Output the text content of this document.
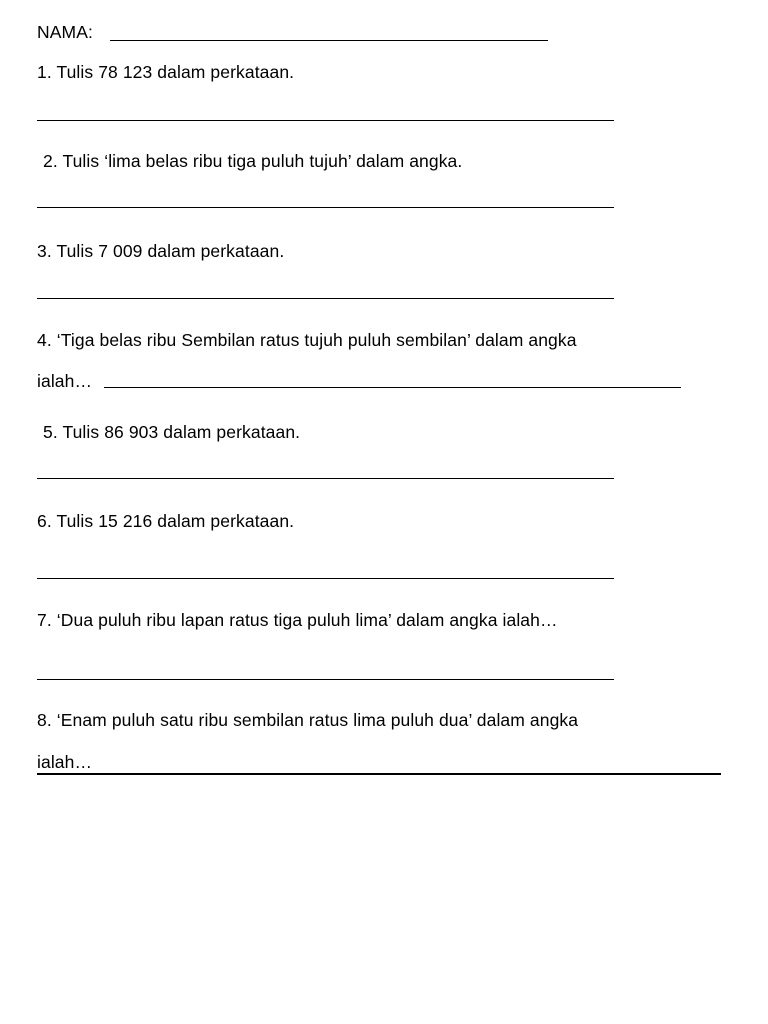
NAMA:
1. Tulis 78 123 dalam perkataan.
2. Tulis ‘lima belas ribu tiga puluh tujuh’ dalam angka.
3. Tulis 7 009 dalam perkataan.
4. ‘Tiga belas ribu Sembilan ratus tujuh puluh sembilan’ dalam angka
ialah…
5. Tulis 86 903 dalam perkataan.
6. Tulis 15 216 dalam perkataan.
7. ‘Dua puluh ribu lapan ratus tiga puluh lima’ dalam angka ialah…
8. ‘Enam puluh satu ribu sembilan ratus lima puluh dua’ dalam angka
ialah…
